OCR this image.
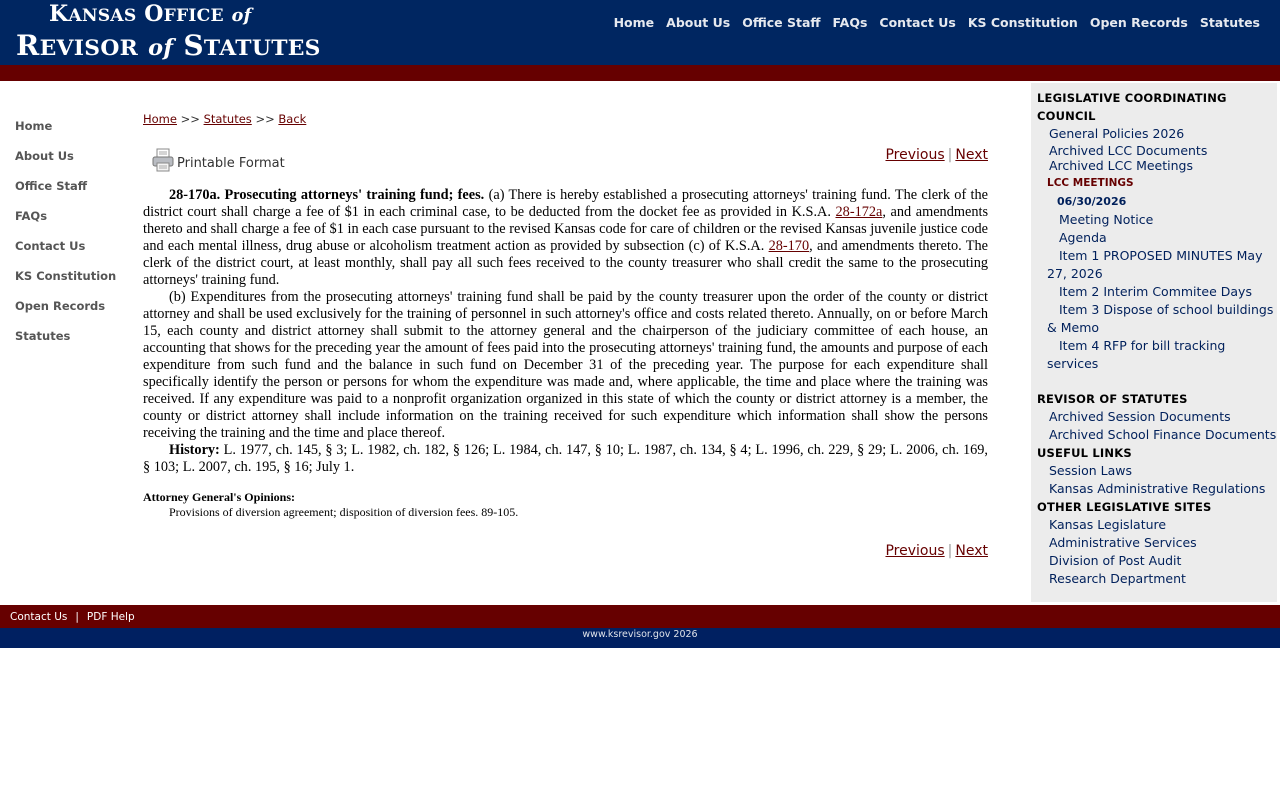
KANSAS OFFICE of
REVISOR of STATUTES
Home About Us Office Staff FAQs Contact Us KS Constitution Open Records Statutes
Home
About Us
Office Staff
FAQs
Contact Us
KS Constitution
Open Records
Statutes
Home >> Statutes >> Back
Printable Format	Previous | Next

28-170a. Prosecuting attorneys' training fund; fees. (a) There is hereby established a prosecuting attorneys' training fund. The clerk of the district court shall charge a fee of $1 in each criminal case, to be deducted from the docket fee as provided in K.S.A. 28-172a, and amendments thereto and shall charge a fee of $1 in each case pursuant to the revised Kansas code for care of children or the revised Kansas juvenile justice code and each mental illness, drug abuse or alcoholism treatment action as provided by subsection (c) of K.S.A. 28-170, and amendments thereto. The clerk of the district court, at least monthly, shall pay all such fees received to the county treasurer who shall credit the same to the prosecuting attorneys' training fund.

(b) Expenditures from the prosecuting attorneys' training fund shall be paid by the county treasurer upon the order of the county or district attorney and shall be used exclusively for the training of personnel in such attorney's office and costs related thereto. Annually, on or before March 15, each county and district attorney shall submit to the attorney general and the chairperson of the judiciary committee of each house, an accounting that shows for the preceding year the amount of fees paid into the prosecuting attorneys' training fund, the amounts and purpose of each expenditure from such fund and the balance in such fund on December 31 of the preceding year. The purpose for each expenditure shall specifically identify the person or persons for whom the expenditure was made and, where applicable, the time and place where the training was received. If any expenditure was paid to a nonprofit organization organized in this state of which the county or district attorney is a member, the county or district attorney shall include information on the training received for such expenditure which information shall show the persons receiving the training and the time and place thereof.

History: L. 1977, ch. 145, § 3; L. 1982, ch. 182, § 126; L. 1984, ch. 147, § 10; L. 1987, ch. 134, § 4; L. 1996, ch. 229, § 29; L. 2006, ch. 169, § 103; L. 2007, ch. 195, § 16; July 1.

Attorney General's Opinions:
Provisions of diversion agreement; disposition of diversion fees. 89-105.
Previous | Next
LEGISLATIVE COORDINATING COUNCIL
General Policies 2026
Archived LCC Documents
Archived LCC Meetings
LCC MEETINGS
06/30/2026
Meeting Notice
Agenda
Item 1 PROPOSED MINUTES May 27, 2026
Item 2 Interim Commitee Days
Item 3 Dispose of school buildings & Memo
Item 4 RFP for bill tracking services
REVISOR OF STATUTES
Archived Session Documents
Archived School Finance Documents
USEFUL LINKS
Session Laws
Kansas Administrative Regulations
OTHER LEGISLATIVE SITES
Kansas Legislature
Administrative Services
Division of Post Audit
Research Department
Contact Us | PDF Help
www.ksrevisor.gov 2026
